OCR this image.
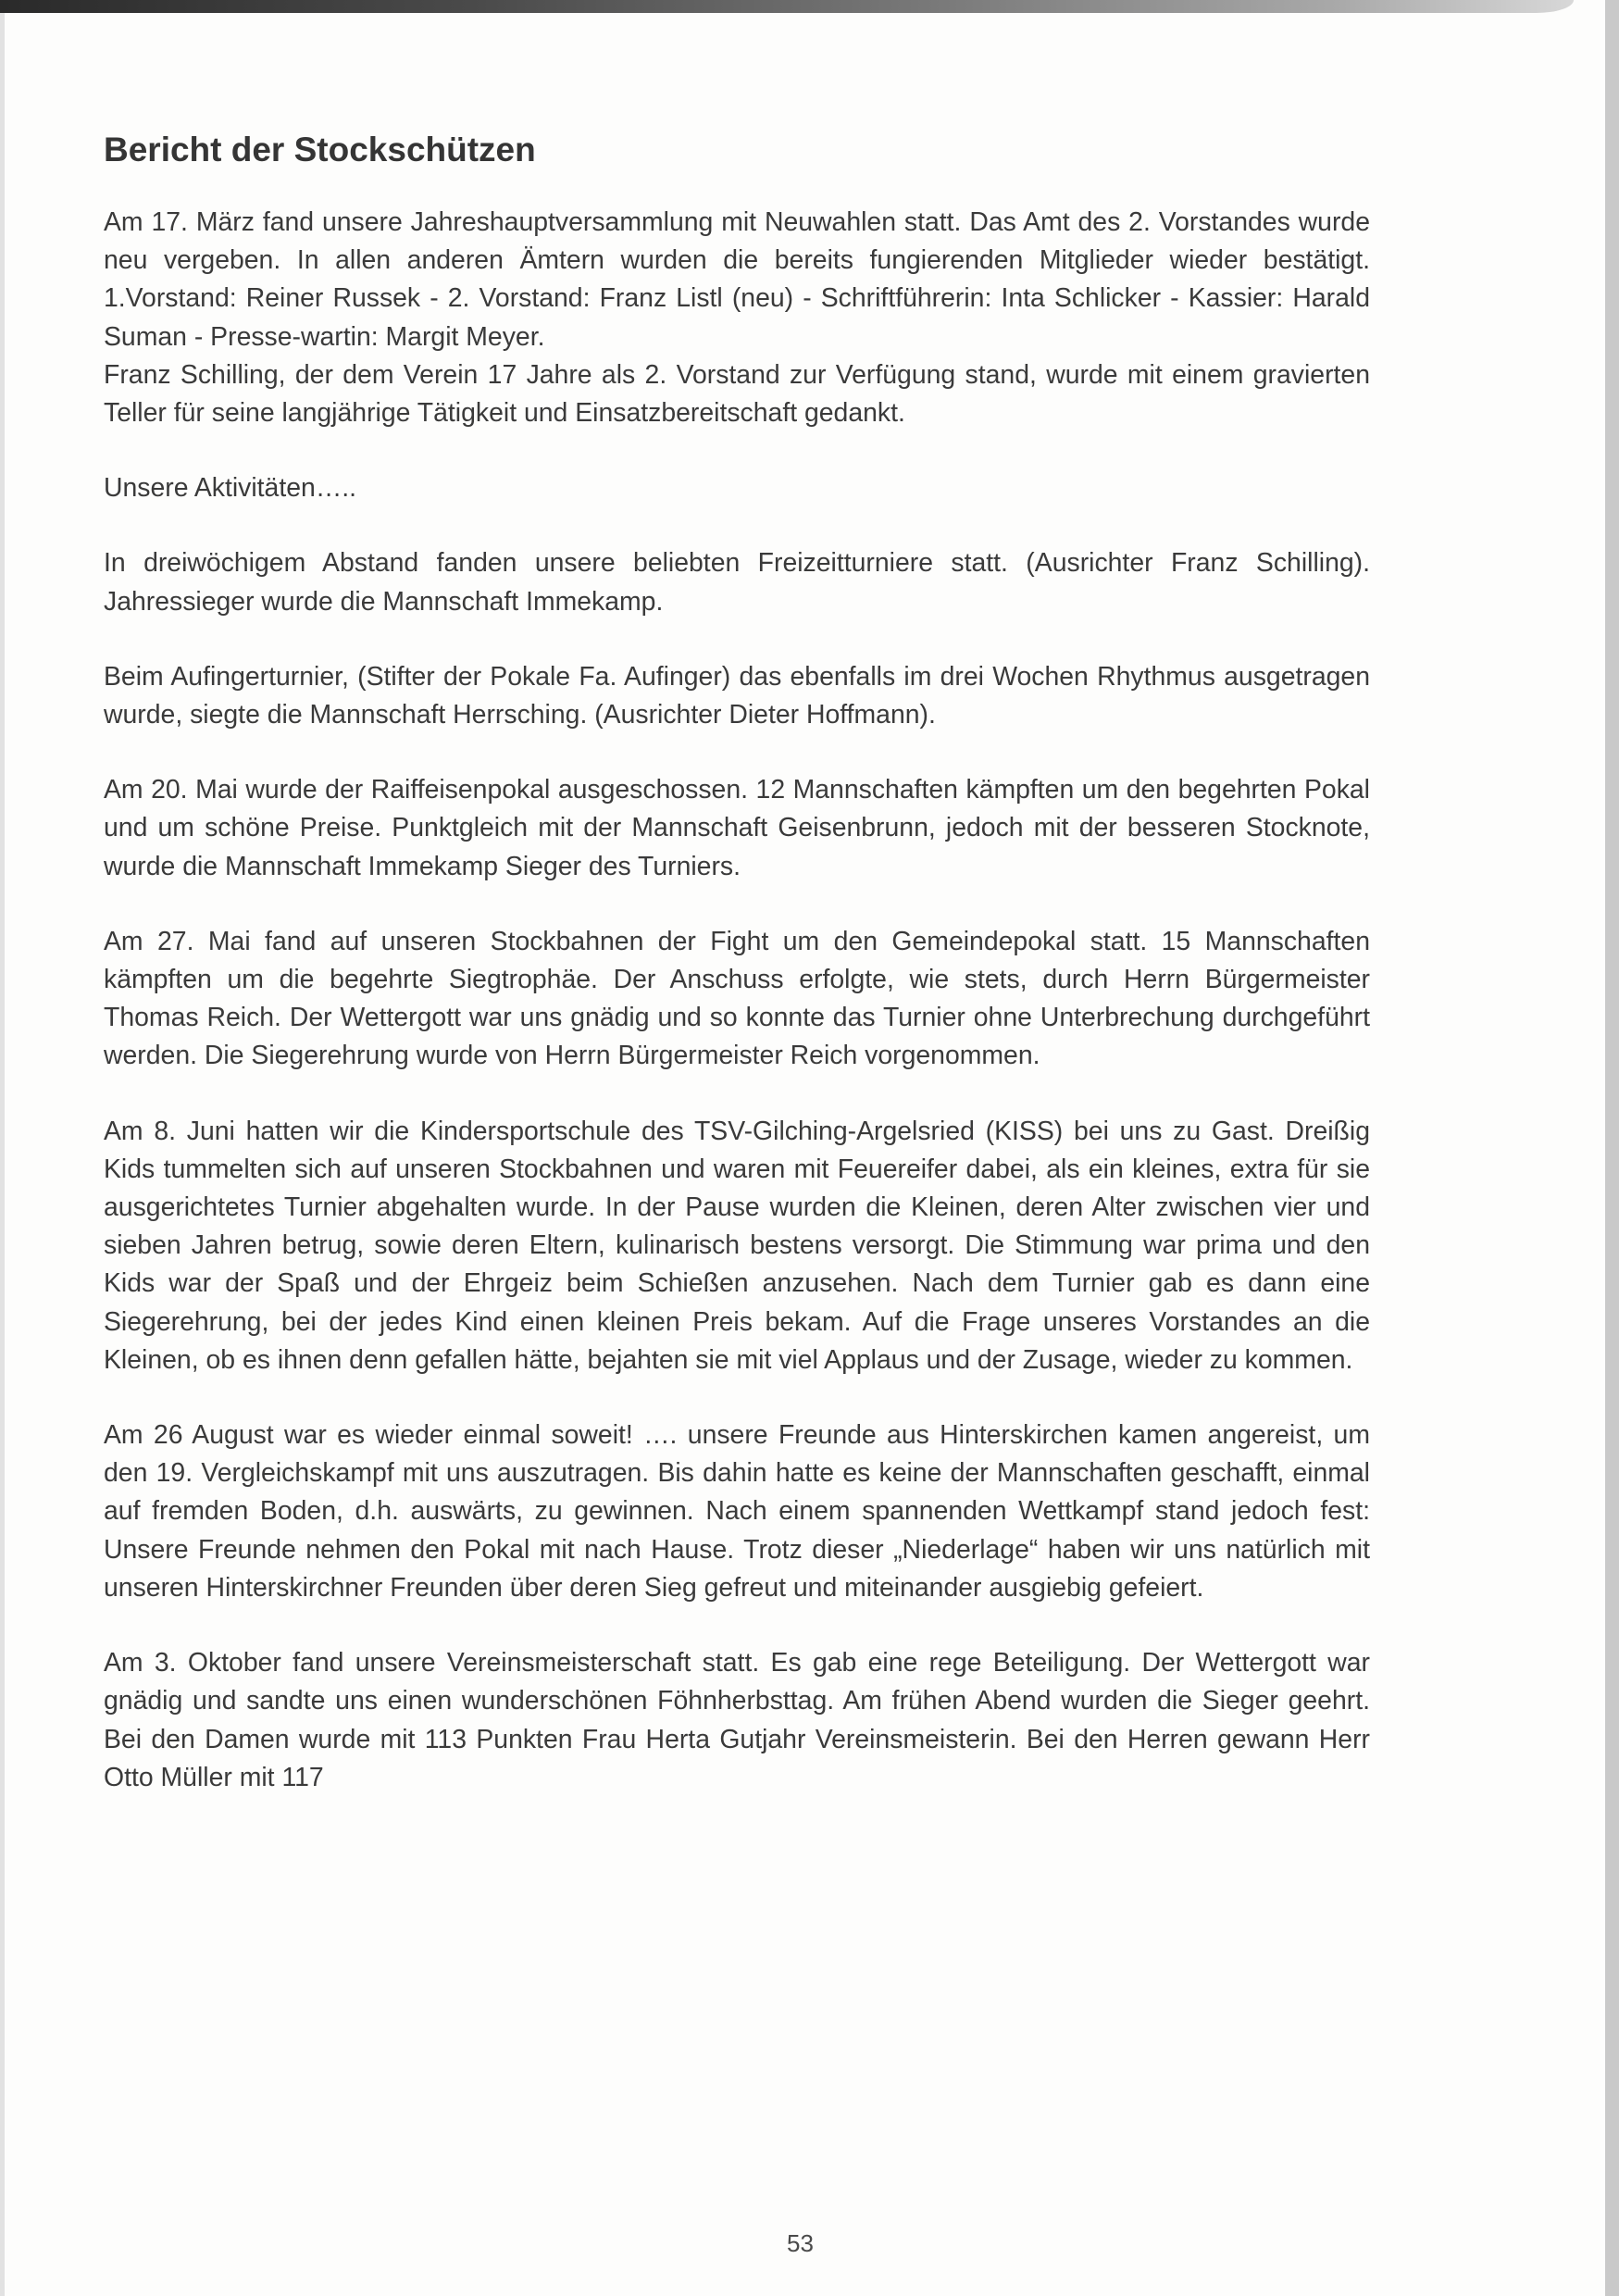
Bericht der Stockschützen

Am 17. März fand unsere Jahreshauptversammlung mit Neuwahlen statt. Das Amt des 2. Vorstandes wurde neu vergeben. In allen anderen Ämtern wurden die bereits fungierenden Mitglieder wieder bestätigt. 1.Vorstand: Reiner Russek - 2. Vorstand: Franz Listl (neu) - Schriftführerin: Inta Schlicker - Kassier: Harald Suman - Presse-wartin: Margit Meyer.
Franz Schilling, der dem Verein 17 Jahre als 2. Vorstand zur Verfügung stand, wurde mit einem gravierten Teller für seine langjährige Tätigkeit und Einsatzbereitschaft gedankt.

Unsere Aktivitäten…..

In dreiwöchigem Abstand fanden unsere beliebten Freizeitturniere statt. (Ausrichter Franz Schilling). Jahressieger wurde die Mannschaft Immekamp.

Beim Aufingerturnier, (Stifter der Pokale Fa. Aufinger) das ebenfalls im drei Wochen Rhythmus ausgetragen wurde, siegte die Mannschaft Herrsching. (Ausrichter Dieter Hoffmann).

Am 20. Mai wurde der Raiffeisenpokal ausgeschossen. 12 Mannschaften kämpften um den begehrten Pokal und um schöne Preise. Punktgleich mit der Mannschaft Geisenbrunn, jedoch mit der besseren Stocknote, wurde die Mannschaft Immekamp Sieger des Turniers.

Am 27. Mai fand auf unseren Stockbahnen der Fight um den Gemeindepokal statt. 15 Mannschaften kämpften um die begehrte Siegtrophäe. Der Anschuss erfolgte, wie stets, durch Herrn Bürgermeister Thomas Reich. Der Wettergott war uns gnädig und so konnte das Turnier ohne Unterbrechung durchgeführt werden. Die Siegerehrung wurde von Herrn Bürgermeister Reich vorgenommen.

Am 8. Juni hatten wir die Kindersportschule des TSV-Gilching-Argelsried (KISS) bei uns zu Gast. Dreißig Kids tummelten sich auf unseren Stockbahnen und waren mit Feuereifer dabei, als ein kleines, extra für sie ausgerichtetes Turnier abgehalten wurde. In der Pause wurden die Kleinen, deren Alter zwischen vier und sieben Jahren betrug, sowie deren Eltern, kulinarisch bestens versorgt. Die Stimmung war prima und den Kids war der Spaß und der Ehrgeiz beim Schießen anzusehen. Nach dem Turnier gab es dann eine Siegerehrung, bei der jedes Kind einen kleinen Preis bekam. Auf die Frage unseres Vorstandes an die Kleinen, ob es ihnen denn gefallen hätte, bejahten sie mit viel Applaus und der Zusage, wieder zu kommen.

Am 26 August war es wieder einmal soweit! …. unsere Freunde aus Hinterskirchen kamen angereist, um den 19. Vergleichskampf mit uns auszutragen. Bis dahin hatte es keine der Mannschaften geschafft, einmal auf fremden Boden, d.h. auswärts, zu gewinnen. Nach einem spannenden Wettkampf stand jedoch fest: Unsere Freunde nehmen den Pokal mit nach Hause. Trotz dieser „Niederlage“ haben wir uns natürlich mit unseren Hinterskirchner Freunden über deren Sieg gefreut und miteinander ausgiebig gefeiert.

Am 3. Oktober fand unsere Vereinsmeisterschaft statt. Es gab eine rege Beteiligung. Der Wettergott war gnädig und sandte uns einen wunderschönen Föhnherbsttag. Am frühen Abend wurden die Sieger geehrt. Bei den Damen wurde mit 113 Punkten Frau Herta Gutjahr Vereinsmeisterin. Bei den Herren gewann Herr Otto Müller mit 117

53
